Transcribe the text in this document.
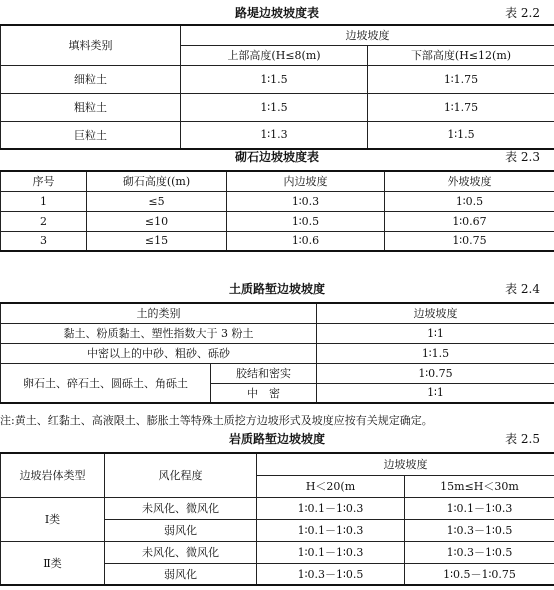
路堤边坡坡度表	表 2.2
填料类别	边坡坡度	
	上部高度(H≤8(m)	下部高度(H≤12(m)
细粒土	1∶1.5	1∶1.75
粗粒土	1∶1.5	1∶1.75
巨粒土	1∶1.3	1∶1.5
砌石边坡坡度表	表 2.3
序号	砌石高度((m)	内边坡度	外坡坡度
1	≤5	1∶0.3	1∶0.5
2	≤10	1∶0.5	1∶0.67
3	≤15	1∶0.6	1∶0.75
土质路堑边坡坡度	表 2.4
土的类别		边坡坡度
黏土、粉质黏土、塑性指数大于 3 粉土		1∶1
中密以上的中砂、粗砂、砾砂		1∶1.5
卵石土、碎石土、圆砾土、角砾土	胶结和密实	1∶0.75
	中　密	1∶1
注:黄土、红黏土、高液限土、膨胀土等特殊土质挖方边坡形式及坡度应按有关规定确定。
岩质路堑边坡坡度	表 2.5
边坡岩体类型	风化程度	边坡坡度	
		H＜20(m	15m≤H＜30m
Ⅰ类	未风化、微风化	1∶0.1－1∶0.3	1∶0.1－1∶0.3
	弱风化	1∶0.1－1∶0.3	1∶0.3－1∶0.5
Ⅱ类	未风化、微风化	1∶0.1－1∶0.3	1∶0.3－1∶0.5
	弱风化	1∶0.3－1∶0.5	1∶0.5－1∶0.75
